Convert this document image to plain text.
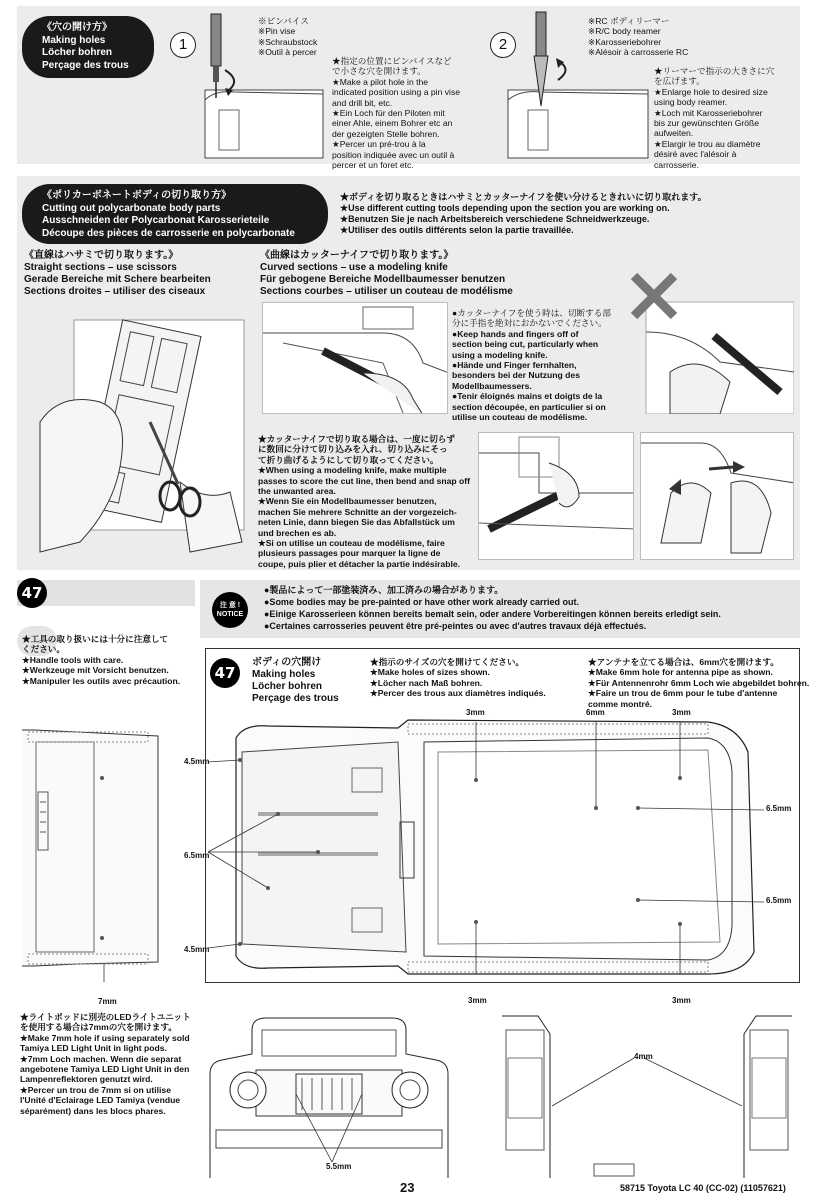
《穴の開け方》
Making holes
Löcher bohren
Perçage des trous
1
※ピンバイス
※Pin vise
※Schraubstock
※Outil à percer
★指定の位置にピンバイスなど
で小さな穴を開けます。
★Make a pilot hole in the
indicated position using a pin vise
and drill bit, etc.
★Ein Loch für den Piloten mit
einer Ahle, einem Bohrer etc an
der gezeigten Stelle bohren.
★Percer un pré-trou à la
position indiquée avec un outil à
percer et un foret etc.
2
※RC ボディリーマー
※R/C body reamer
※Karosseriebohrer
※Alésoir à carrosserie RC
★リーマーで指示の大きさに穴
を広げます。
★Enlarge hole to desired size
using body reamer.
★Loch mit Karosseriebohrer
bis zur gewünschten Größe
aufweiten.
★Elargir le trou au diamètre
désiré avec l'alésoir à
carrosserie.
《ポリカーボネートボディの切り取り方》
Cutting out polycarbonate body parts
Ausschneiden der Polycarbonat Karosserieteile
Découpe des pièces de carrosserie en polycarbonate
★ボディを切り取るときはハサミとカッターナイフを使い分けるときれいに切り取れます。
★Use different cutting tools depending upon the section you are working on.
★Benutzen Sie je nach Arbeitsbereich verschiedene Schneidwerkzeuge.
★Utiliser des outils différents selon la partie travaillée.
《直線はハサミで切り取ります。》
Straight sections – use scissors
Gerade Bereiche mit Schere bearbeiten
Sections droites – utiliser des ciseaux
《曲線はカッターナイフで切り取ります。》
Curved sections – use a modeling knife
Für gebogene Bereiche Modellbaumesser benutzen
Sections courbes – utiliser un couteau de modélisme
●カッターナイフを使う時は、切断する部
分に手指を絶対におかないでください。
●Keep hands and fingers off of
section being cut, particularly when
using a modeling knife.
●Hände und Finger fernhalten,
besonders bei der Nutzung des
Modellbaumessers.
●Tenir éloignés mains et doigts de la
section découpée, en particulier si on
utilise un couteau de modélisme.
★カッターナイフで切り取る場合は、一度に切らず
に数回に分けて切り込みを入れ、切り込みにそっ
て折り曲げるようにして切り取ってください。
★When using a modeling knife, make multiple
passes to score the cut line, then bend and snap off
the unwanted area.
★Wenn Sie ein Modellbaumesser benutzen,
machen Sie mehrere Schnitte an der vorgezeich-
neten Linie, dann biegen Sie das Abfallstück um
und brechen es ab.
★Si on utilise un couteau de modélisme, faire
plusieurs passages pour marquer la ligne de
coupe, puis plier et détacher la partie indésirable.
47
注 意 !
NOTICE
●製品によって一部塗装済み、加工済みの場合があります。
●Some bodies may be pre-painted or have other work already carried out.
●Einige Karosserieen können bereits bemalt sein, oder andere Vorbereitingen können bereits erledigt sein.
●Certaines carrosseries peuvent être pré-peintes ou avec d'autres travaux déjà effectués.
★工具の取り扱いには十分に注意して
ください。
★Handle tools with care.
★Werkzeuge mit Vorsicht benutzen.
★Manipuler les outils avec précaution.	47
ボディの穴開け
Making holes
Löcher bohren
Perçage des trous
★指示のサイズの穴を開けてください。
★Make holes of sizes shown.
★Löcher nach Maß bohren.
★Percer des trous aux diamètres indiqués.
★アンテナを立てる場合は、6mm穴を開けます。
★Make 6mm hole for antenna pipe as shown.
★Für Antennenrohr 6mm Loch wie abgebildet bohren.
★Faire un trou de 6mm pour le tube d'antenne
comme montré.
3mm	6mm	3mm
4.5mm
6.5mm
4.5mm
6.5mm
6.5mm
3mm	3mm
7mm
★ライトポッドに別売のLEDライトユニット
を使用する場合は7mmの穴を開けます。
★Make 7mm hole if using separately sold
Tamiya LED Light Unit in light pods.
★7mm Loch machen. Wenn die separat
angebotene Tamiya LED Light Unit in den
Lampenreflektoren genutzt wird.
★Percer un trou de 7mm si on utilise
l'Unité d'Eclairage LED Tamiya (vendue
séparément) dans les blocs phares.
5.5mm
4mm
23	58715 Toyota LC 40 (CC-02) (11057621)
